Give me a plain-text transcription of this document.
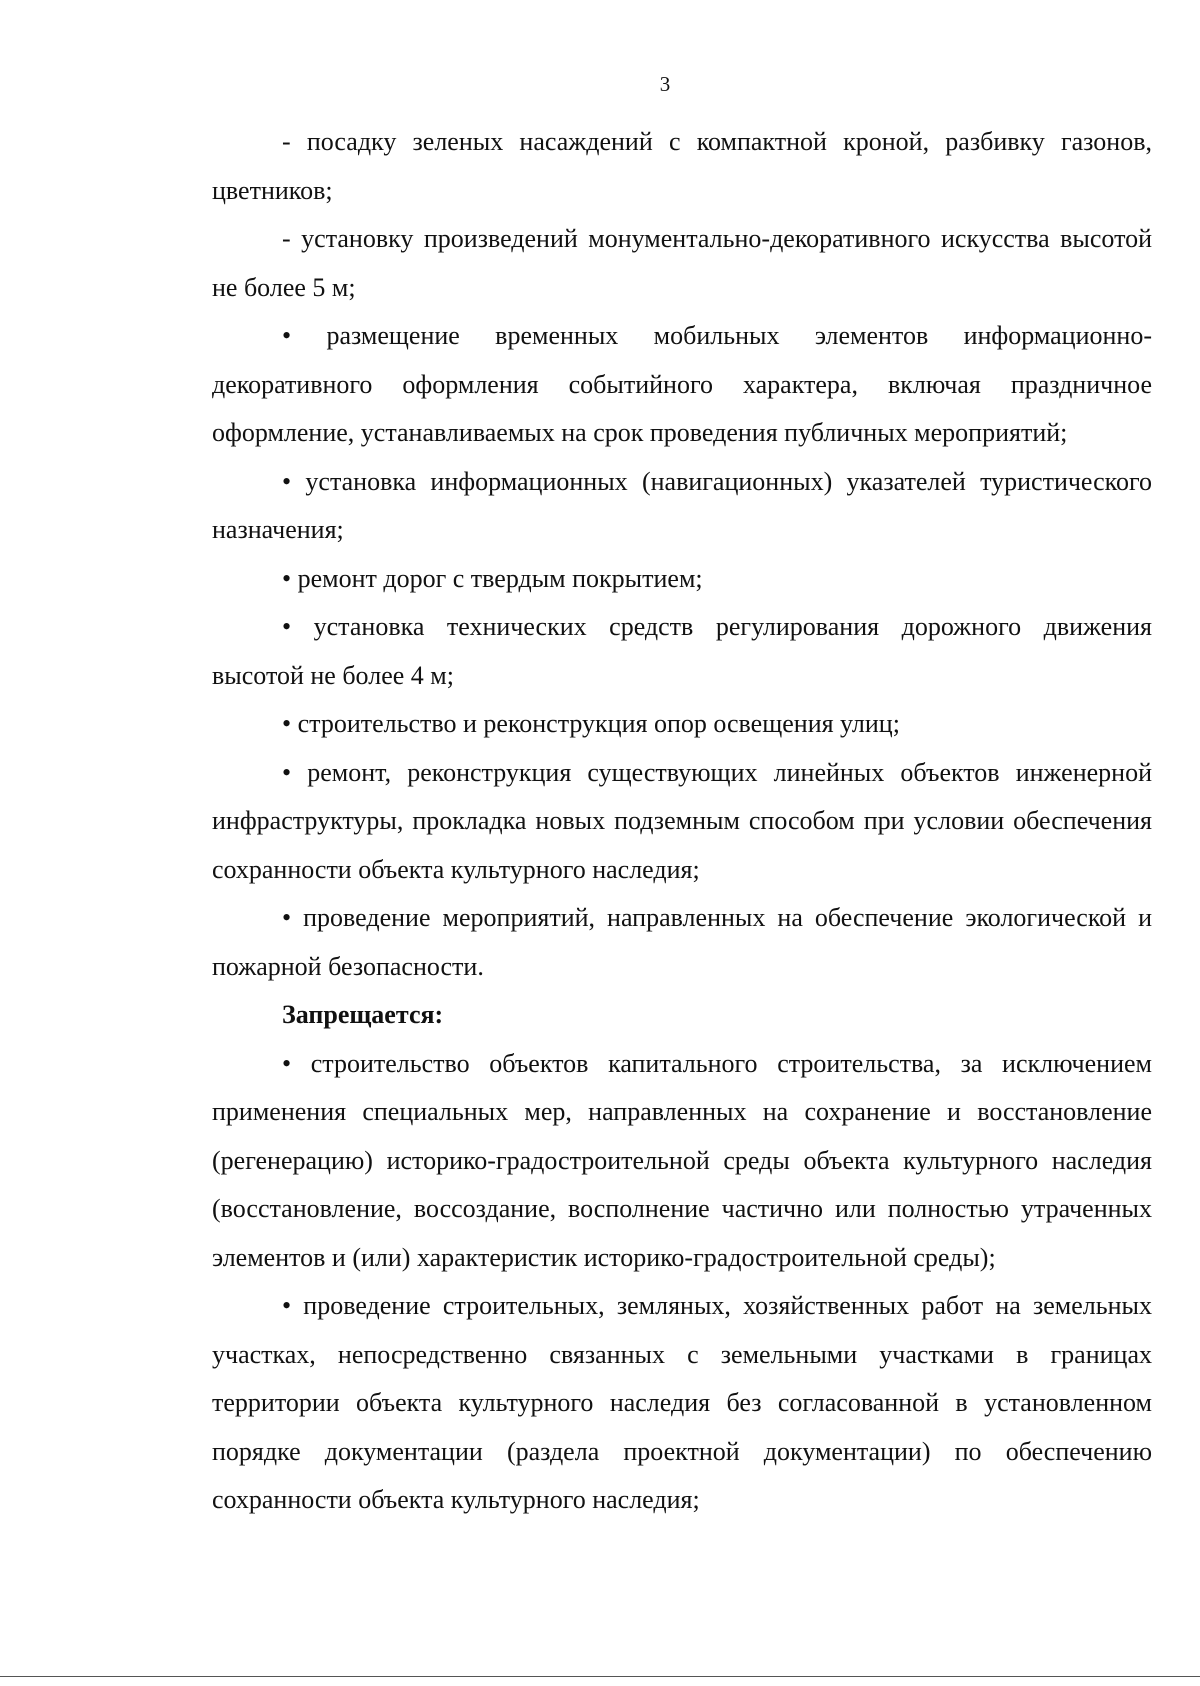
3

- посадку зеленых насаждений с компактной кроной, разбивку газонов, цветников;

- установку произведений монументально-декоративного искусства высотой не более 5 м;

• размещение временных мобильных элементов информационно-декоративного оформления событийного характера, включая праздничное оформление, устанавливаемых на срок проведения публичных мероприятий;

• установка информационных (навигационных) указателей туристического назначения;

• ремонт дорог с твердым покрытием;

• установка технических средств регулирования дорожного движения высотой не более 4 м;

• строительство и реконструкция опор освещения улиц;

• ремонт, реконструкция существующих линейных объектов инженерной инфраструктуры, прокладка новых подземным способом при условии обеспечения сохранности объекта культурного наследия;

• проведение мероприятий, направленных на обеспечение экологической и пожарной безопасности.

Запрещается:

• строительство объектов капитального строительства, за исключением применения специальных мер, направленных на сохранение и восстановление (регенерацию) историко-градостроительной среды объекта культурного наследия (восстановление, воссоздание, восполнение частично или полностью утраченных элементов и (или) характеристик историко-градостроительной среды);

• проведение строительных, земляных, хозяйственных работ на земельных участках, непосредственно связанных с земельными участками в границах территории объекта культурного наследия без согласованной в установленном порядке документации (раздела проектной документации) по обеспечению сохранности объекта культурного наследия;
